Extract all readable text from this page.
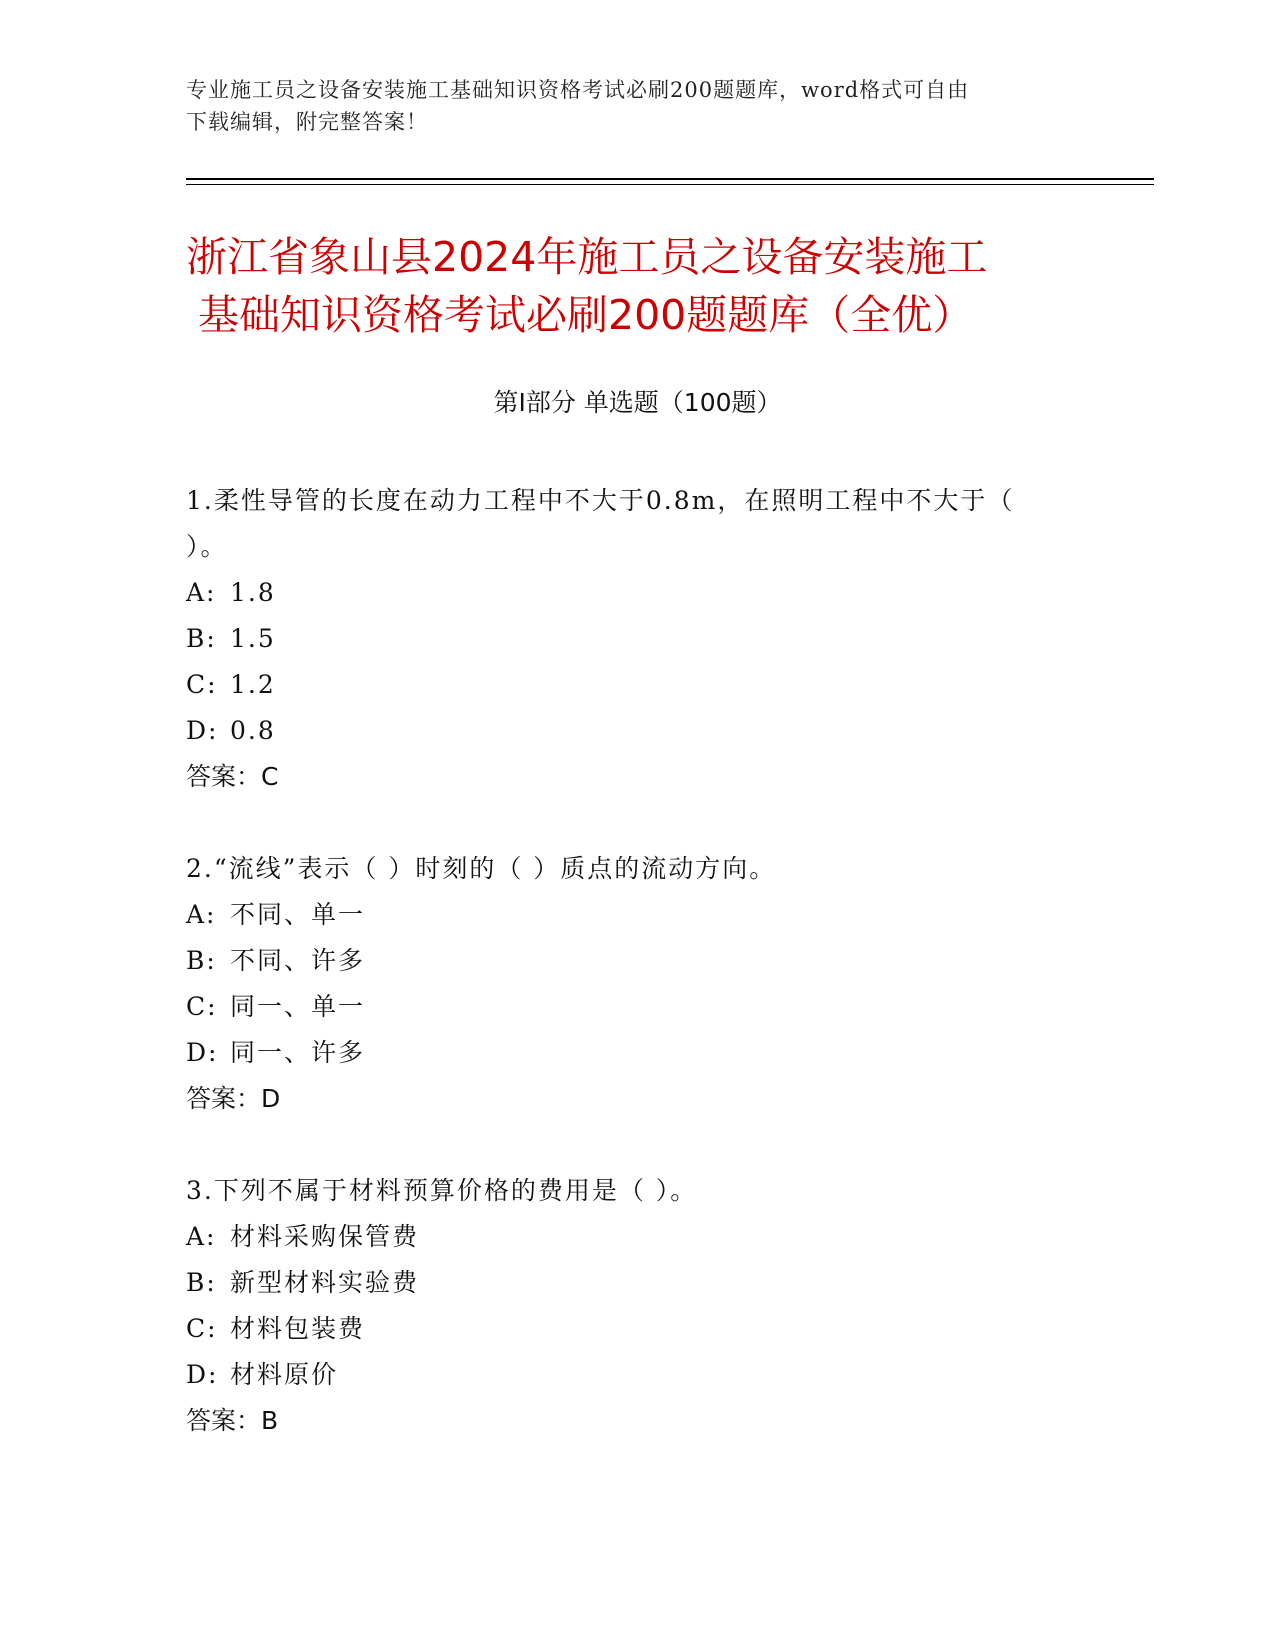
专业施工员之设备安装施工基础知识资格考试必刷200题题库，word格式可自由
下载编辑，附完整答案！
浙江省象山县2024年施工员之设备安装施工
基础知识资格考试必刷200题题库（全优）
第Ⅰ部分 单选题（100题）

1.柔性导管的长度在动力工程中不大于0.8m，在照明工程中不大于（
）。

A: 1.8

B: 1.5

C: 1.2

D: 0.8

答案：C

2.“流线”表示（ ）时刻的（ ）质点的流动方向。

A: 不同、单一

B: 不同、许多

C: 同一、单一

D: 同一、许多

答案：D

3.下列不属于材料预算价格的费用是（ ）。

A: 材料采购保管费

B: 新型材料实验费

C: 材料包装费

D: 材料原价

答案：B
